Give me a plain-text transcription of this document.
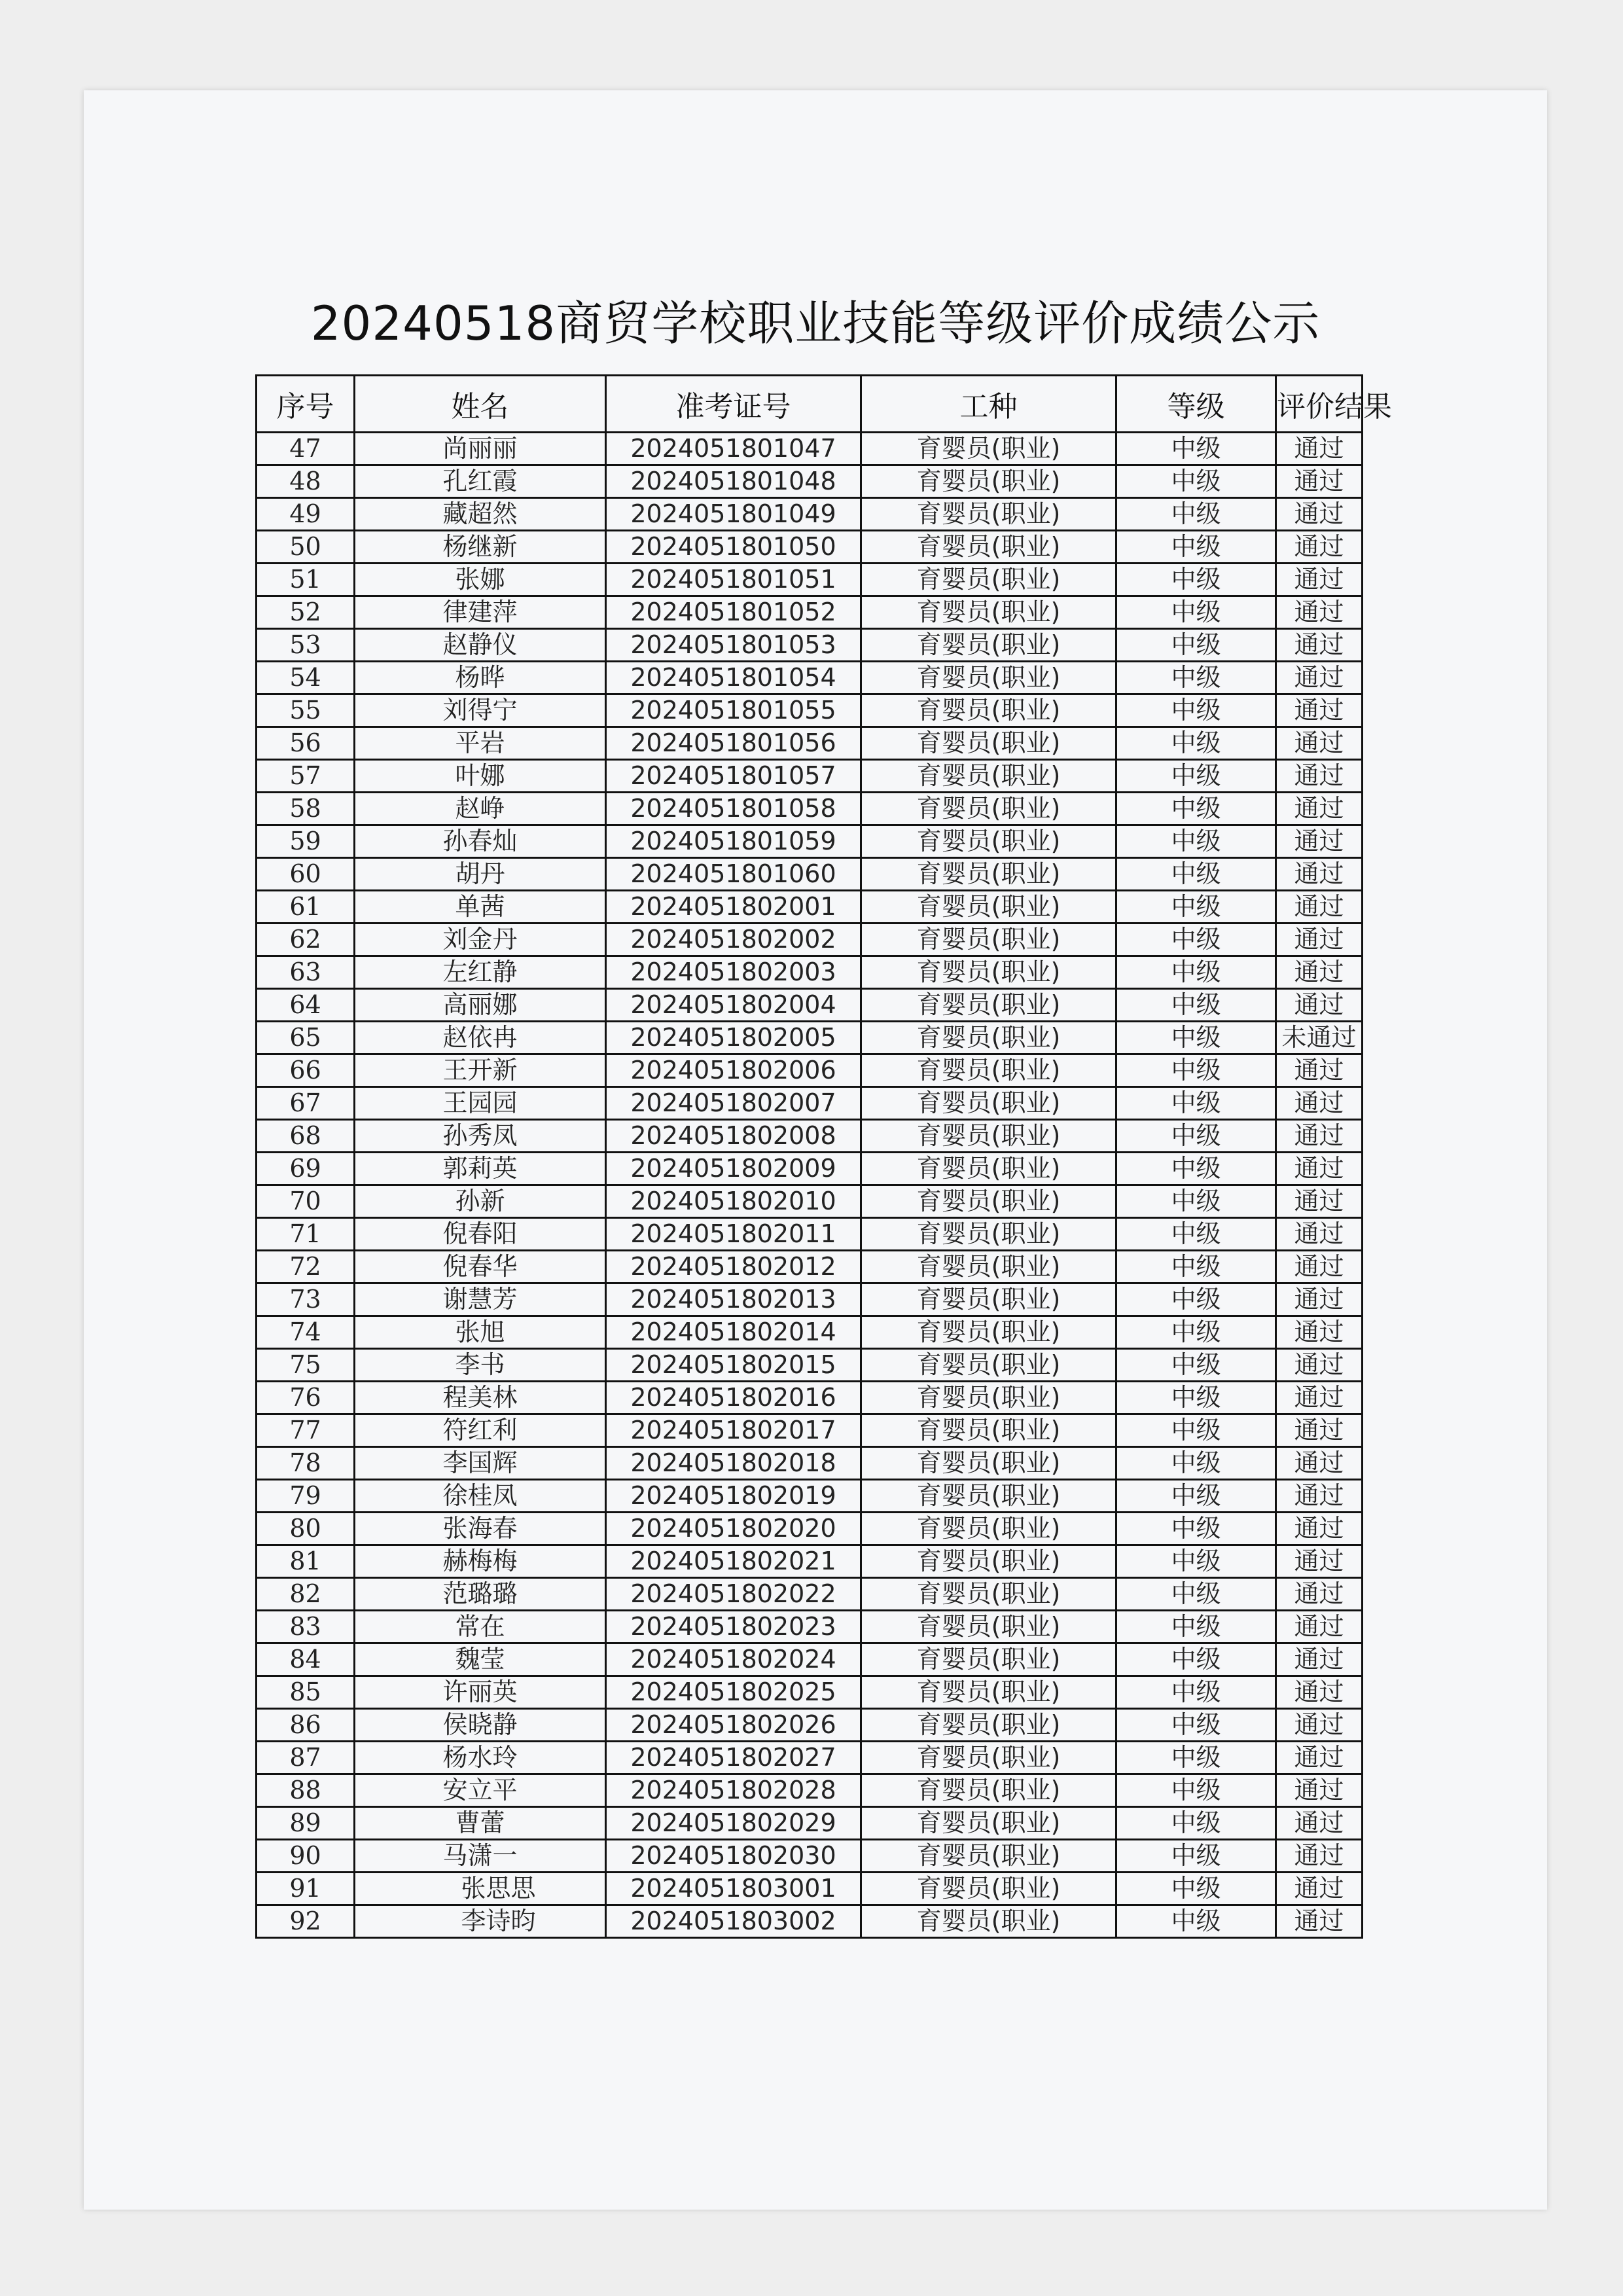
20240518商贸学校职业技能等级评价成绩公示
序号	姓名	准考证号	工种	等级	评价结果
47	尚丽丽	2024051801047	育婴员(职业)	中级	通过
48	孔红霞	2024051801048	育婴员(职业)	中级	通过
49	藏超然	2024051801049	育婴员(职业)	中级	通过
50	杨继新	2024051801050	育婴员(职业)	中级	通过
51	张娜	2024051801051	育婴员(职业)	中级	通过
52	律建萍	2024051801052	育婴员(职业)	中级	通过
53	赵静仪	2024051801053	育婴员(职业)	中级	通过
54	杨晔	2024051801054	育婴员(职业)	中级	通过
55	刘得宁	2024051801055	育婴员(职业)	中级	通过
56	平岩	2024051801056	育婴员(职业)	中级	通过
57	叶娜	2024051801057	育婴员(职业)	中级	通过
58	赵峥	2024051801058	育婴员(职业)	中级	通过
59	孙春灿	2024051801059	育婴员(职业)	中级	通过
60	胡丹	2024051801060	育婴员(职业)	中级	通过
61	单茜	2024051802001	育婴员(职业)	中级	通过
62	刘金丹	2024051802002	育婴员(职业)	中级	通过
63	左红静	2024051802003	育婴员(职业)	中级	通过
64	高丽娜	2024051802004	育婴员(职业)	中级	通过
65	赵依冉	2024051802005	育婴员(职业)	中级	未通过
66	王开新	2024051802006	育婴员(职业)	中级	通过
67	王园园	2024051802007	育婴员(职业)	中级	通过
68	孙秀凤	2024051802008	育婴员(职业)	中级	通过
69	郭莉英	2024051802009	育婴员(职业)	中级	通过
70	孙新	2024051802010	育婴员(职业)	中级	通过
71	倪春阳	2024051802011	育婴员(职业)	中级	通过
72	倪春华	2024051802012	育婴员(职业)	中级	通过
73	谢慧芳	2024051802013	育婴员(职业)	中级	通过
74	张旭	2024051802014	育婴员(职业)	中级	通过
75	李书	2024051802015	育婴员(职业)	中级	通过
76	程美林	2024051802016	育婴员(职业)	中级	通过
77	符红利	2024051802017	育婴员(职业)	中级	通过
78	李国辉	2024051802018	育婴员(职业)	中级	通过
79	徐桂凤	2024051802019	育婴员(职业)	中级	通过
80	张海春	2024051802020	育婴员(职业)	中级	通过
81	赫梅梅	2024051802021	育婴员(职业)	中级	通过
82	范璐璐	2024051802022	育婴员(职业)	中级	通过
83	常在	2024051802023	育婴员(职业)	中级	通过
84	魏莹	2024051802024	育婴员(职业)	中级	通过
85	许丽英	2024051802025	育婴员(职业)	中级	通过
86	侯晓静	2024051802026	育婴员(职业)	中级	通过
87	杨水玲	2024051802027	育婴员(职业)	中级	通过
88	安立平	2024051802028	育婴员(职业)	中级	通过
89	曹蕾	2024051802029	育婴员(职业)	中级	通过
90	马潇一	2024051802030	育婴员(职业)	中级	通过
91	张思思	2024051803001	育婴员(职业)	中级	通过
92	李诗昀	2024051803002	育婴员(职业)	中级	通过
